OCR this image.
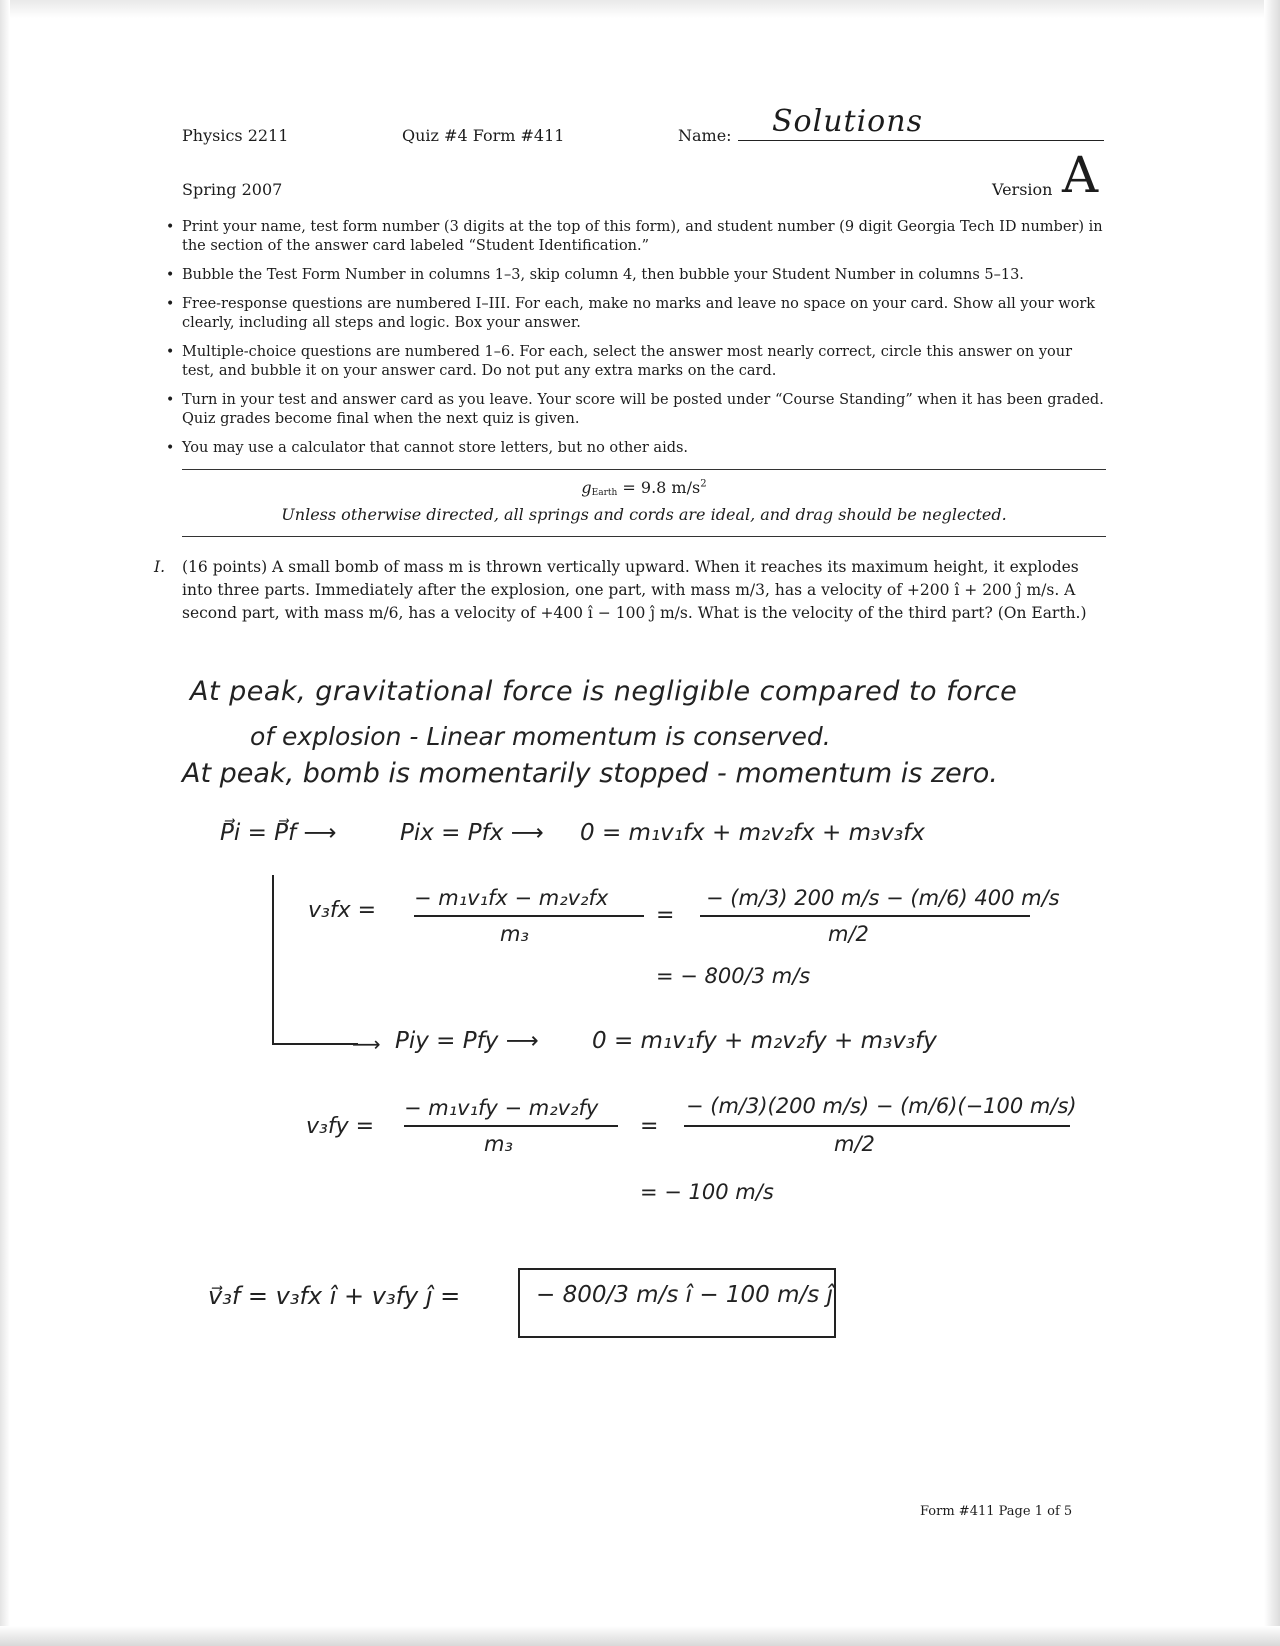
Physics 2211	Quiz #4 Form #411	Name: Solutions
Spring 2007	Version A
• Print your name, test form number (3 digits at the top of this form), and student number (9 digit Georgia Tech ID number) in the section of the answer card labeled “Student Identification.”
• Bubble the Test Form Number in columns 1–3, skip column 4, then bubble your Student Number in columns 5–13.
• Free-response questions are numbered I–III. For each, make no marks and leave no space on your card. Show all your work clearly, including all steps and logic. Box your answer.
• Multiple-choice questions are numbered 1–6. For each, select the answer most nearly correct, circle this answer on your test, and bubble it on your answer card. Do not put any extra marks on the card.
• Turn in your test and answer card as you leave. Your score will be posted under “Course Standing” when it has been graded. Quiz grades become final when the next quiz is given.
• You may use a calculator that cannot store letters, but no other aids.
$g_{Earth} = 9.8$ $m/s^2$
Unless otherwise directed, all springs and cords are ideal, and drag should be neglected.
I. (16 points) A small bomb of mass m is thrown vertically upward. When it reaches its maximum height, it explodes into three parts. Immediately after the explosion, one part, with mass m/3, has a velocity of +200 î + 200 ĵ m/s. A second part, with mass m/6, has a velocity of +400 î − 100 ĵ m/s. What is the velocity of the third part? (On Earth.)
At peak, gravitational force is negligible compared to force
of explosion - Linear momentum is conserved.
At peak, bomb is momentarily stopped - momentum is zero.
P⃗i = P⃗f ⟶	Pix = Pfx ⟶ 0 = m₁v₁fx + m₂v₂fx + m₃v₃fx
v₃fx = − m₁v₁fx − m₂v₂fx
m₃
=
− (m/3) 200 m/s − (m/6) 400 m/s
m/2
= − 800/3 m/s
⟶ Piy = Pfy ⟶ 0 = m₁v₁fy + m₂v₂fy + m₃v₃fy
v₃fy =
− m₁v₁fy − m₂v₂fy
m₃
=
− (m/3)(200 m/s) − (m/6)(−100 m/s)
m/2
= − 100 m/s
v⃗₃f = v₃fx î + v₃fy ĵ =	− 800/3 m/s î − 100 m/s ĵ
Form #411 Page 1 of 5
